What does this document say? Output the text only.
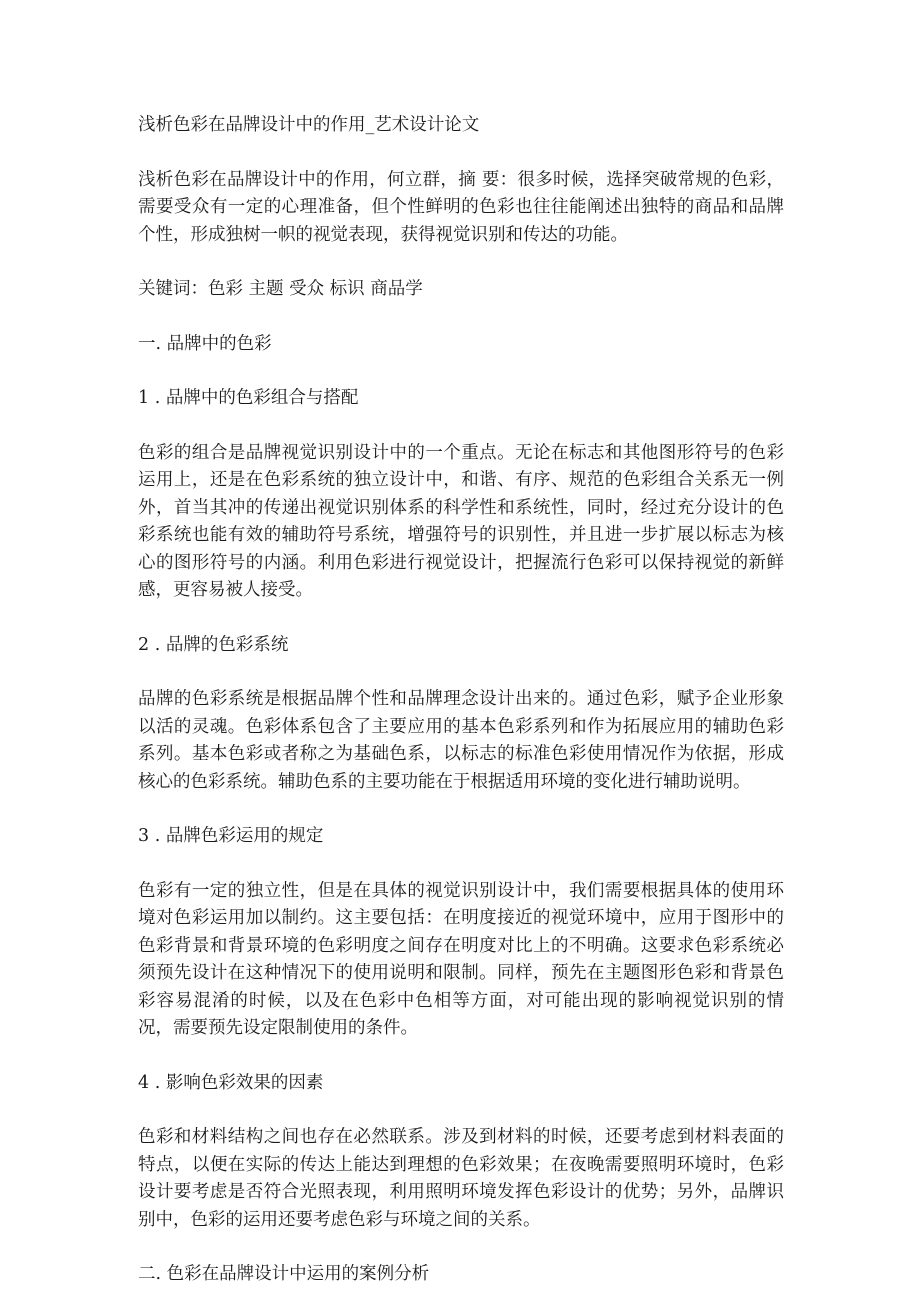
浅析色彩在品牌设计中的作用_艺术设计论文

浅析色彩在品牌设计中的作用，何立群，摘 要：很多时候，选择突破常规的色彩，需要受众有一定的心理准备，但个性鲜明的色彩也往往能阐述出独特的商品和品牌个性，形成独树一帜的视觉表现，获得视觉识别和传达的功能。

关键词：色彩 主题 受众 标识 商品学

一. 品牌中的色彩

1 . 品牌中的色彩组合与搭配

色彩的组合是品牌视觉识别设计中的一个重点。无论在标志和其他图形符号的色彩运用上，还是在色彩系统的独立设计中，和谐、有序、规范的色彩组合关系无一例外，首当其冲的传递出视觉识别体系的科学性和系统性，同时，经过充分设计的色彩系统也能有效的辅助符号系统，增强符号的识别性，并且进一步扩展以标志为核心的图形符号的内涵。利用色彩进行视觉设计，把握流行色彩可以保持视觉的新鲜感，更容易被人接受。

2 . 品牌的色彩系统

品牌的色彩系统是根据品牌个性和品牌理念设计出来的。通过色彩，赋予企业形象以活的灵魂。色彩体系包含了主要应用的基本色彩系列和作为拓展应用的辅助色彩系列。基本色彩或者称之为基础色系，以标志的标准色彩使用情况作为依据，形成核心的色彩系统。辅助色系的主要功能在于根据适用环境的变化进行辅助说明。

3 . 品牌色彩运用的规定

色彩有一定的独立性，但是在具体的视觉识别设计中，我们需要根据具体的使用环境对色彩运用加以制约。这主要包括：在明度接近的视觉环境中，应用于图形中的色彩背景和背景环境的色彩明度之间存在明度对比上的不明确。这要求色彩系统必须预先设计在这种情况下的使用说明和限制。同样，预先在主题图形色彩和背景色彩容易混淆的时候，以及在色彩中色相等方面，对可能出现的影响视觉识别的情况，需要预先设定限制使用的条件。

4 . 影响色彩效果的因素

色彩和材料结构之间也存在必然联系。涉及到材料的时候，还要考虑到材料表面的特点，以便在实际的传达上能达到理想的色彩效果；在夜晚需要照明环境时，色彩设计要考虑是否符合光照表现，利用照明环境发挥色彩设计的优势；另外，品牌识别中，色彩的运用还要考虑色彩与环境之间的关系。

二. 色彩在品牌设计中运用的案例分析
